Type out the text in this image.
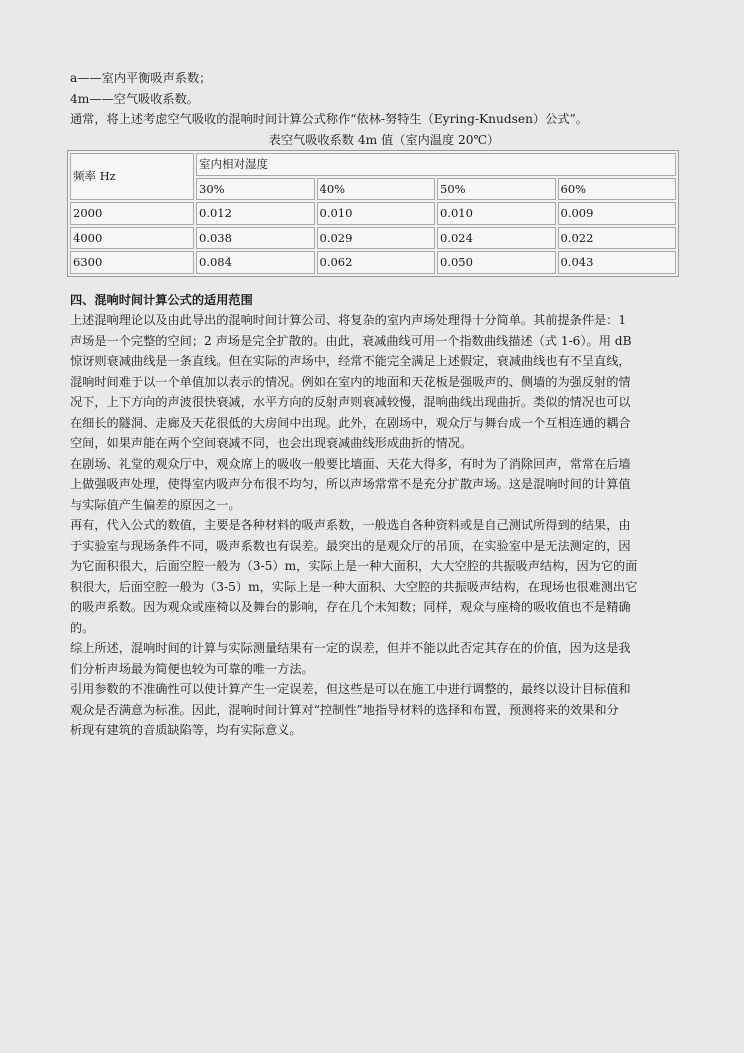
a——室内平衡吸声系数；
4m——空气吸收系数。
通常，将上述考虑空气吸收的混响时间计算公式称作“依林-努特生（Eyring-Knudsen）公式”。
表空气吸收系数 4m 值（室内温度 20℃）
频率 Hz	室内相对湿度			
	30%	40%	50%	60%
2000	0.012	0.010	0.010	0.009
4000	0.038	0.029	0.024	0.022
6300	0.084	0.062	0.050	0.043
四、混响时间计算公式的适用范围
上述混响理论以及由此导出的混响时间计算公司、将复杂的室内声场处理得十分简单。其前提条件是：1
声场是一个完整的空间；2 声场是完全扩散的。由此，衰减曲线可用一个指数曲线描述（式 1-6）。用 dB
惊讶则衰减曲线是一条直线。但在实际的声场中，经常不能完全满足上述假定，衰减曲线也有不呈直线，
混响时间难于以一个单值加以表示的情况。例如在室内的地面和天花板是强吸声的、侧墙的为强反射的情
况下，上下方向的声波很快衰减，水平方向的反射声则衰减较慢，混响曲线出现曲折。类似的情况也可以
在细长的隧洞、走廊及天花很低的大房间中出现。此外，在剧场中，观众厅与舞台成一个互相连通的耦合
空间，如果声能在两个空间衰减不同，也会出现衰减曲线形成曲折的情况。
在剧场、礼堂的观众厅中，观众席上的吸收一般要比墙面、天花大得多，有时为了消除回声，常常在后墙
上做强吸声处理，使得室内吸声分布很不均匀，所以声场常常不是充分扩散声场。这是混响时间的计算值
与实际值产生偏差的原因之一。
再有，代入公式的数值，主要是各种材料的吸声系数，一般选自各种资料或是自己测试所得到的结果，由
于实验室与现场条件不同，吸声系数也有误差。最突出的是观众厅的吊顶，在实验室中是无法测定的，因
为它面积很大，后面空腔一般为（3-5）m，实际上是一种大面积，大大空腔的共振吸声结构，因为它的面
积很大，后面空腔一般为（3-5）m，实际上是一种大面积、大空腔的共振吸声结构，在现场也很难测出它
的吸声系数。因为观众或座椅以及舞台的影响，存在几个未知数；同样，观众与座椅的吸收值也不是精确
的。
综上所述，混响时间的计算与实际测量结果有一定的误差，但并不能以此否定其存在的价值，因为这是我
们分析声场最为简便也较为可靠的唯一方法。
引用参数的不准确性可以使计算产生一定误差，但这些是可以在施工中进行调整的，最终以设计目标值和
观众是否满意为标准。因此，混响时间计算对“控制性”地指导材料的选择和布置，预测将来的效果和分
析现有建筑的音质缺陷等，均有实际意义。
